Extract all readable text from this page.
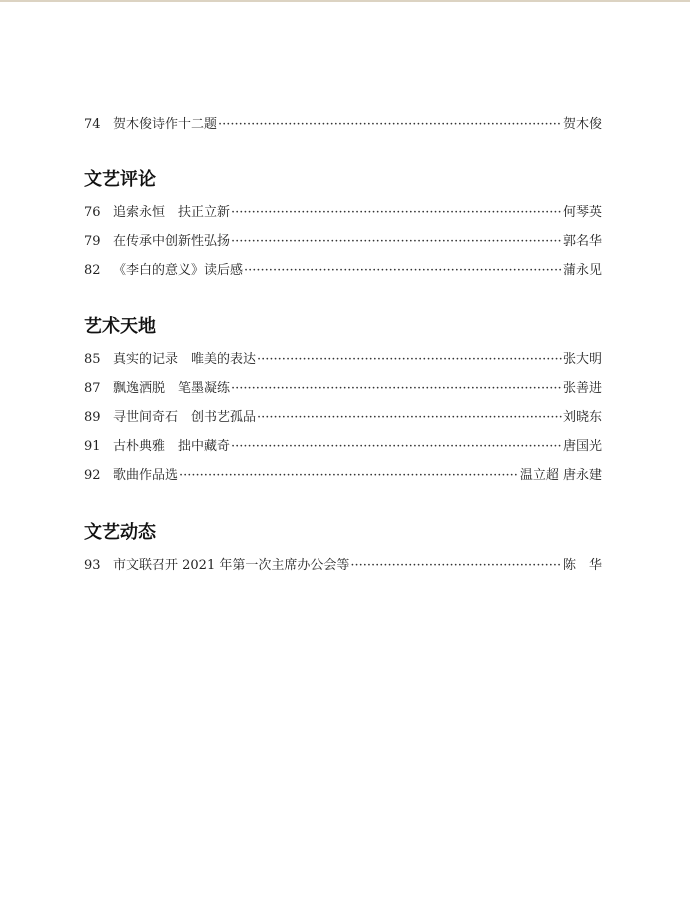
74 贺木俊诗作十二题 ·····	贺木俊
文艺评论
76 追索永恒　扶正立新 ·····	何琴英
79 在传承中创新性弘扬 ·····	郭名华
82 《李白的意义》读后感 ·····	蒲永见
艺术天地
85 真实的记录　唯美的表达 ·····	张大明
87 飘逸洒脱　笔墨凝练 ·····	张善进
89 寻世间奇石　创书艺孤品 ·····	刘晓东
91 古朴典雅　拙中藏奇 ·····	唐国光
92 歌曲作品选 ·····	温立超 唐永建
文艺动态
93 市文联召开 2021 年第一次主席办公会等 ·····	陈　华
